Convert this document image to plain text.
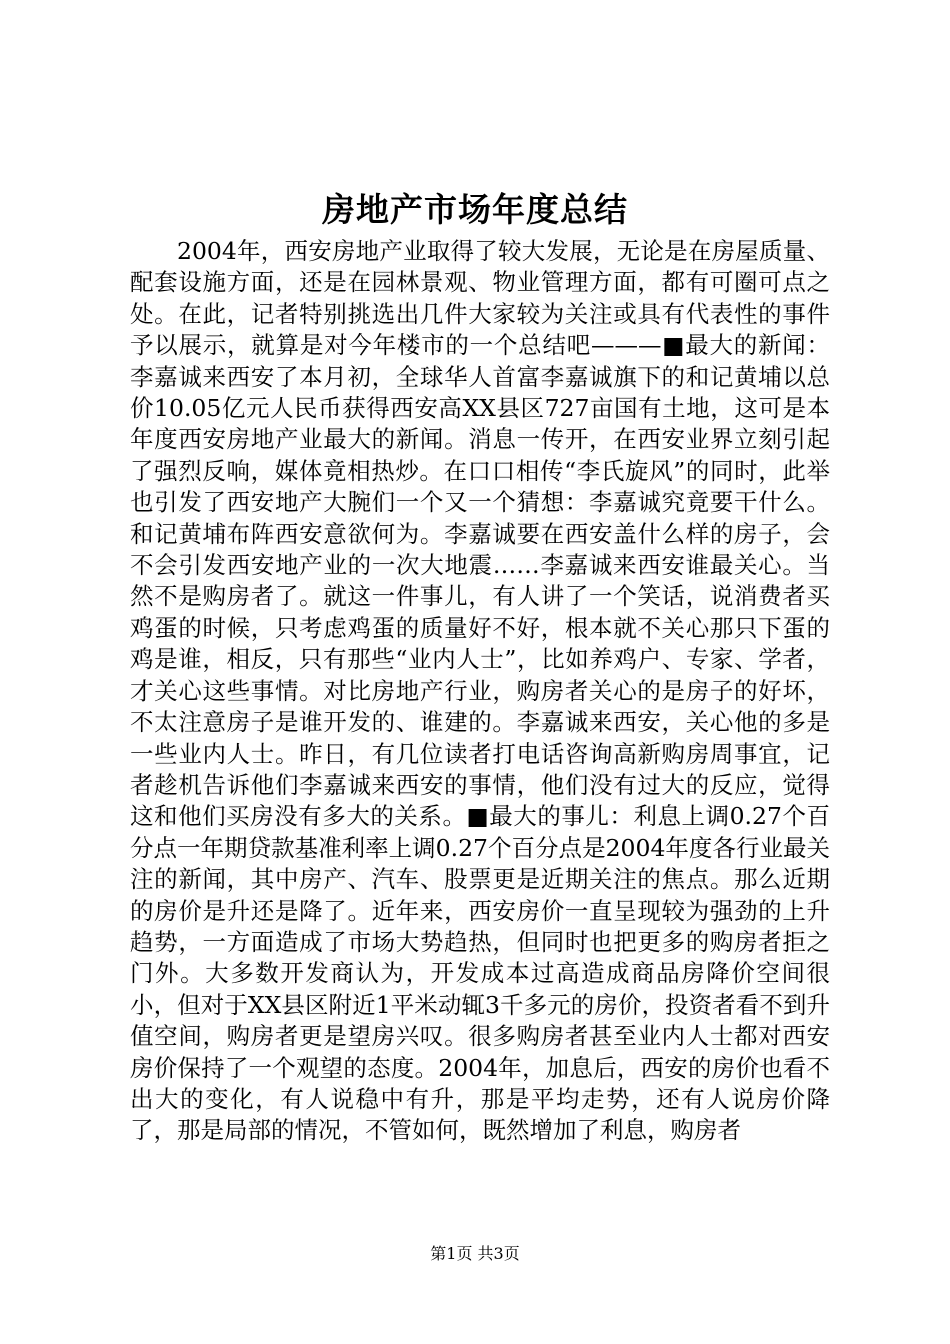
房地产市场年度总结

2004年，西安房地产业取得了较大发展，无论是在房屋质量、配套设施方面，还是在园林景观、物业管理方面，都有可圈可点之处。在此，记者特别挑选出几件大家较为关注或具有代表性的事件予以展示，就算是对今年楼市的一个总结吧———■最大的新闻：李嘉诚来西安了本月初，全球华人首富李嘉诚旗下的和记黄埔以总价10.05亿元人民币获得西安高XX县区727亩国有土地，这可是本年度西安房地产业最大的新闻。消息一传开，在西安业界立刻引起了强烈反响，媒体竟相热炒。在口口相传“李氏旋风”的同时，此举也引发了西安地产大腕们一个又一个猜想：李嘉诚究竟要干什么。和记黄埔布阵西安意欲何为。李嘉诚要在西安盖什么样的房子，会不会引发西安地产业的一次大地震……李嘉诚来西安谁最关心。当然不是购房者了。就这一件事儿，有人讲了一个笑话，说消费者买鸡蛋的时候，只考虑鸡蛋的质量好不好，根本就不关心那只下蛋的鸡是谁，相反，只有那些“业内人士”，比如养鸡户、专家、学者，才关心这些事情。对比房地产行业，购房者关心的是房子的好坏，不太注意房子是谁开发的、谁建的。李嘉诚来西安，关心他的多是一些业内人士。昨日，有几位读者打电话咨询高新购房周事宜，记者趁机告诉他们李嘉诚来西安的事情，他们没有过大的反应，觉得这和他们买房没有多大的关系。■最大的事儿：利息上调0.27个百分点一年期贷款基准利率上调0.27个百分点是2004年度各行业最关注的新闻，其中房产、汽车、股票更是近期关注的焦点。那么近期的房价是升还是降了。近年来，西安房价一直呈现较为强劲的上升趋势，一方面造成了市场大势趋热，但同时也把更多的购房者拒之门外。大多数开发商认为，开发成本过高造成商品房降价空间很小，但对于XX县区附近1平米动辄3千多元的房价，投资者看不到升值空间，购房者更是望房兴叹。很多购房者甚至业内人士都对西安房价保持了一个观望的态度。2004年，加息后，西安的房价也看不出大的变化，有人说稳中有升，那是平均走势，还有人说房价降了，那是局部的情况，不管如何，既然增加了利息，购房者

第1页 共3页
